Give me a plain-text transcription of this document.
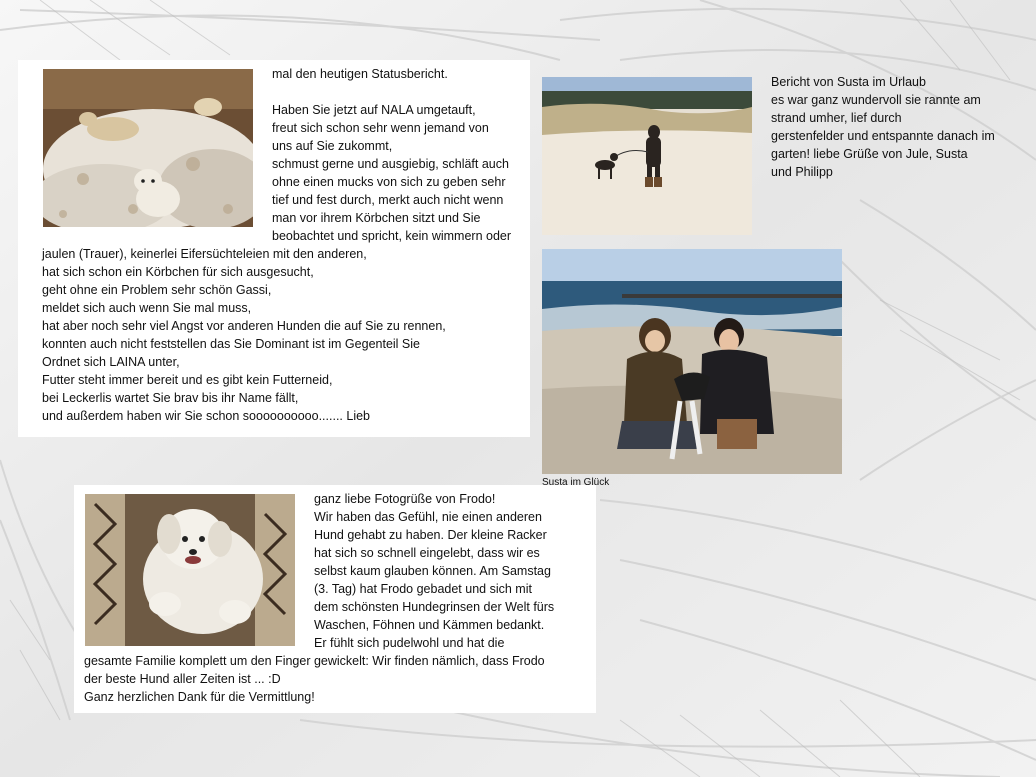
mal den heutigen Statusbericht.

Haben Sie jetzt auf NALA umgetauft,
freut sich schon sehr wenn jemand von
uns auf Sie zukommt,
schmust gerne und ausgiebig, schläft auch
ohne einen mucks von sich zu geben sehr
tief und fest durch, merkt auch nicht wenn
man vor ihrem Körbchen sitzt und Sie
beobachtet und spricht, kein wimmern oder
jaulen (Trauer), keinerlei Eifersüchteleien mit den anderen,
hat sich schon ein Körbchen für sich ausgesucht,
geht ohne ein Problem sehr schön Gassi,
meldet sich auch wenn Sie mal muss,
hat aber noch sehr viel Angst vor anderen Hunden die auf Sie zu rennen,
konnten auch nicht feststellen das Sie Dominant ist im Gegenteil Sie
Ordnet sich LAINA unter,
Futter steht immer bereit und es gibt kein Futterneid,
bei Leckerlis wartet Sie brav bis ihr Name fällt,
und außerdem haben wir Sie schon soooooooooo....... Lieb
Bericht von Susta im Urlaub
es war ganz wundervoll sie rannte am
strand umher, lief durch
gerstenfelder und entspannte danach im
garten! liebe Grüße von Jule, Susta
und Philipp
Susta im Glück
ganz liebe Fotogrüße von Frodo!
Wir haben das Gefühl, nie einen anderen
Hund gehabt zu haben. Der kleine Racker
hat sich so schnell eingelebt, dass wir es
selbst kaum glauben können. Am Samstag
(3. Tag) hat Frodo gebadet und sich mit
dem schönsten Hundegrinsen der Welt fürs
Waschen, Föhnen und Kämmen bedankt.
Er fühlt sich pudelwohl und hat die
gesamte Familie komplett um den Finger gewickelt: Wir finden nämlich, dass Frodo
der beste Hund aller Zeiten ist ... :D
Ganz herzlichen Dank für die Vermittlung!
